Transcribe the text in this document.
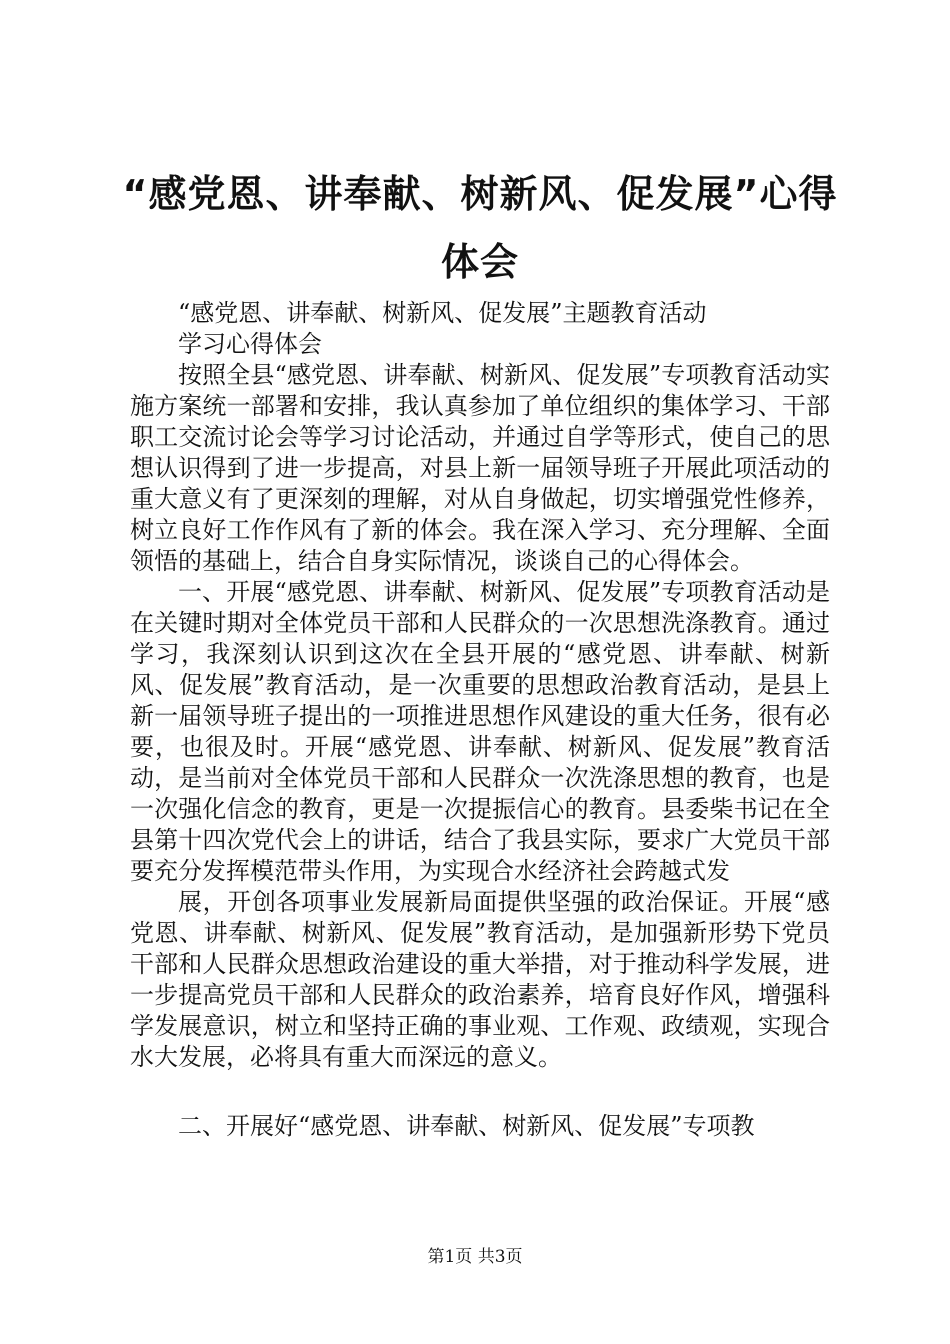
“感党恩、讲奉献、树新风、促发展”心得体会

“感党恩、讲奉献、树新风、促发展”主题教育活动

学习心得体会

按照全县“感党恩、讲奉献、树新风、促发展”专项教育活动实施方案统一部署和安排，我认真参加了单位组织的集体学习、干部职工交流讨论会等学习讨论活动，并通过自学等形式，使自己的思想认识得到了进一步提高，对县上新一届领导班子开展此项活动的重大意义有了更深刻的理解，对从自身做起，切实增强党性修养，树立良好工作作风有了新的体会。我在深入学习、充分理解、全面领悟的基础上，结合自身实际情况，谈谈自己的心得体会。

一、开展“感党恩、讲奉献、树新风、促发展”专项教育活动是在关键时期对全体党员干部和人民群众的一次思想洗涤教育。通过学习，我深刻认识到这次在全县开展的“感党恩、讲奉献、树新风、促发展”教育活动，是一次重要的思想政治教育活动，是县上新一届领导班子提出的一项推进思想作风建设的重大任务，很有必要，也很及时。开展“感党恩、讲奉献、树新风、促发展”教育活动，是当前对全体党员干部和人民群众一次洗涤思想的教育，也是一次强化信念的教育，更是一次提振信心的教育。县委柴书记在全县第十四次党代会上的讲话，结合了我县实际，要求广大党员干部要充分发挥模范带头作用，为实现合水经济社会跨越式发

展，开创各项事业发展新局面提供坚强的政治保证。开展“感党恩、讲奉献、树新风、促发展”教育活动，是加强新形势下党员干部和人民群众思想政治建设的重大举措，对于推动科学发展，进一步提高党员干部和人民群众的政治素养，培育良好作风，增强科学发展意识，树立和坚持正确的事业观、工作观、政绩观，实现合水大发展，必将具有重大而深远的意义。

二、开展好“感党恩、讲奉献、树新风、促发展”专项教

第1页 共3页
